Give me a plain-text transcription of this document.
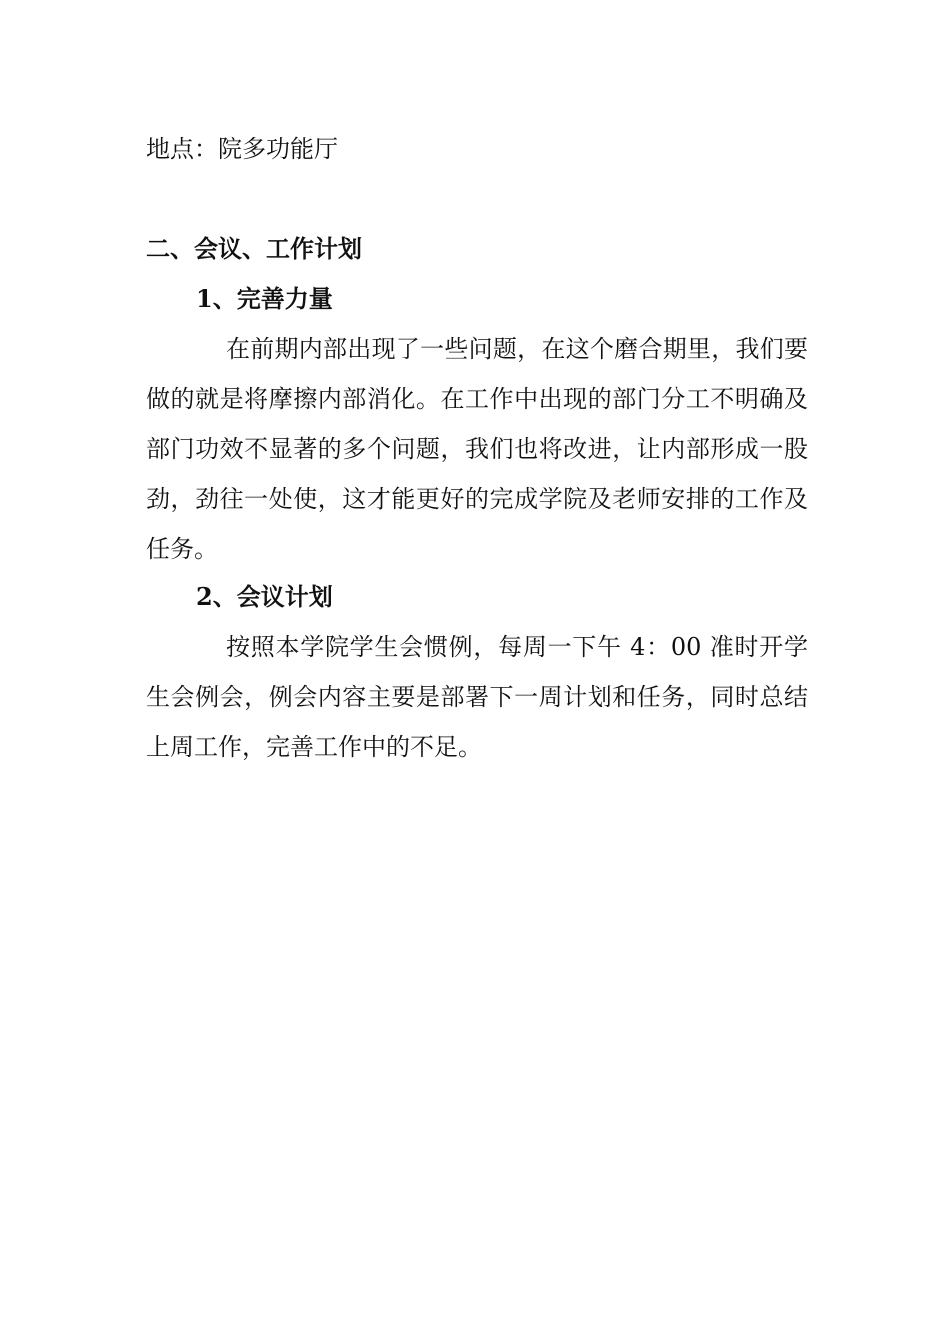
地点：院多功能厅
二、会议、工作计划
1、完善力量
在前期内部出现了一些问题，在这个磨合期里，我们要做的就是将摩擦内部消化。在工作中出现的部门分工不明确及部门功效不显著的多个问题，我们也将改进，让内部形成一股劲，劲往一处使，这才能更好的完成学院及老师安排的工作及任务。
2、会议计划
按照本学院学生会惯例，每周一下午 4：00 准时开学生会例会，例会内容主要是部署下一周计划和任务，同时总结上周工作，完善工作中的不足。
